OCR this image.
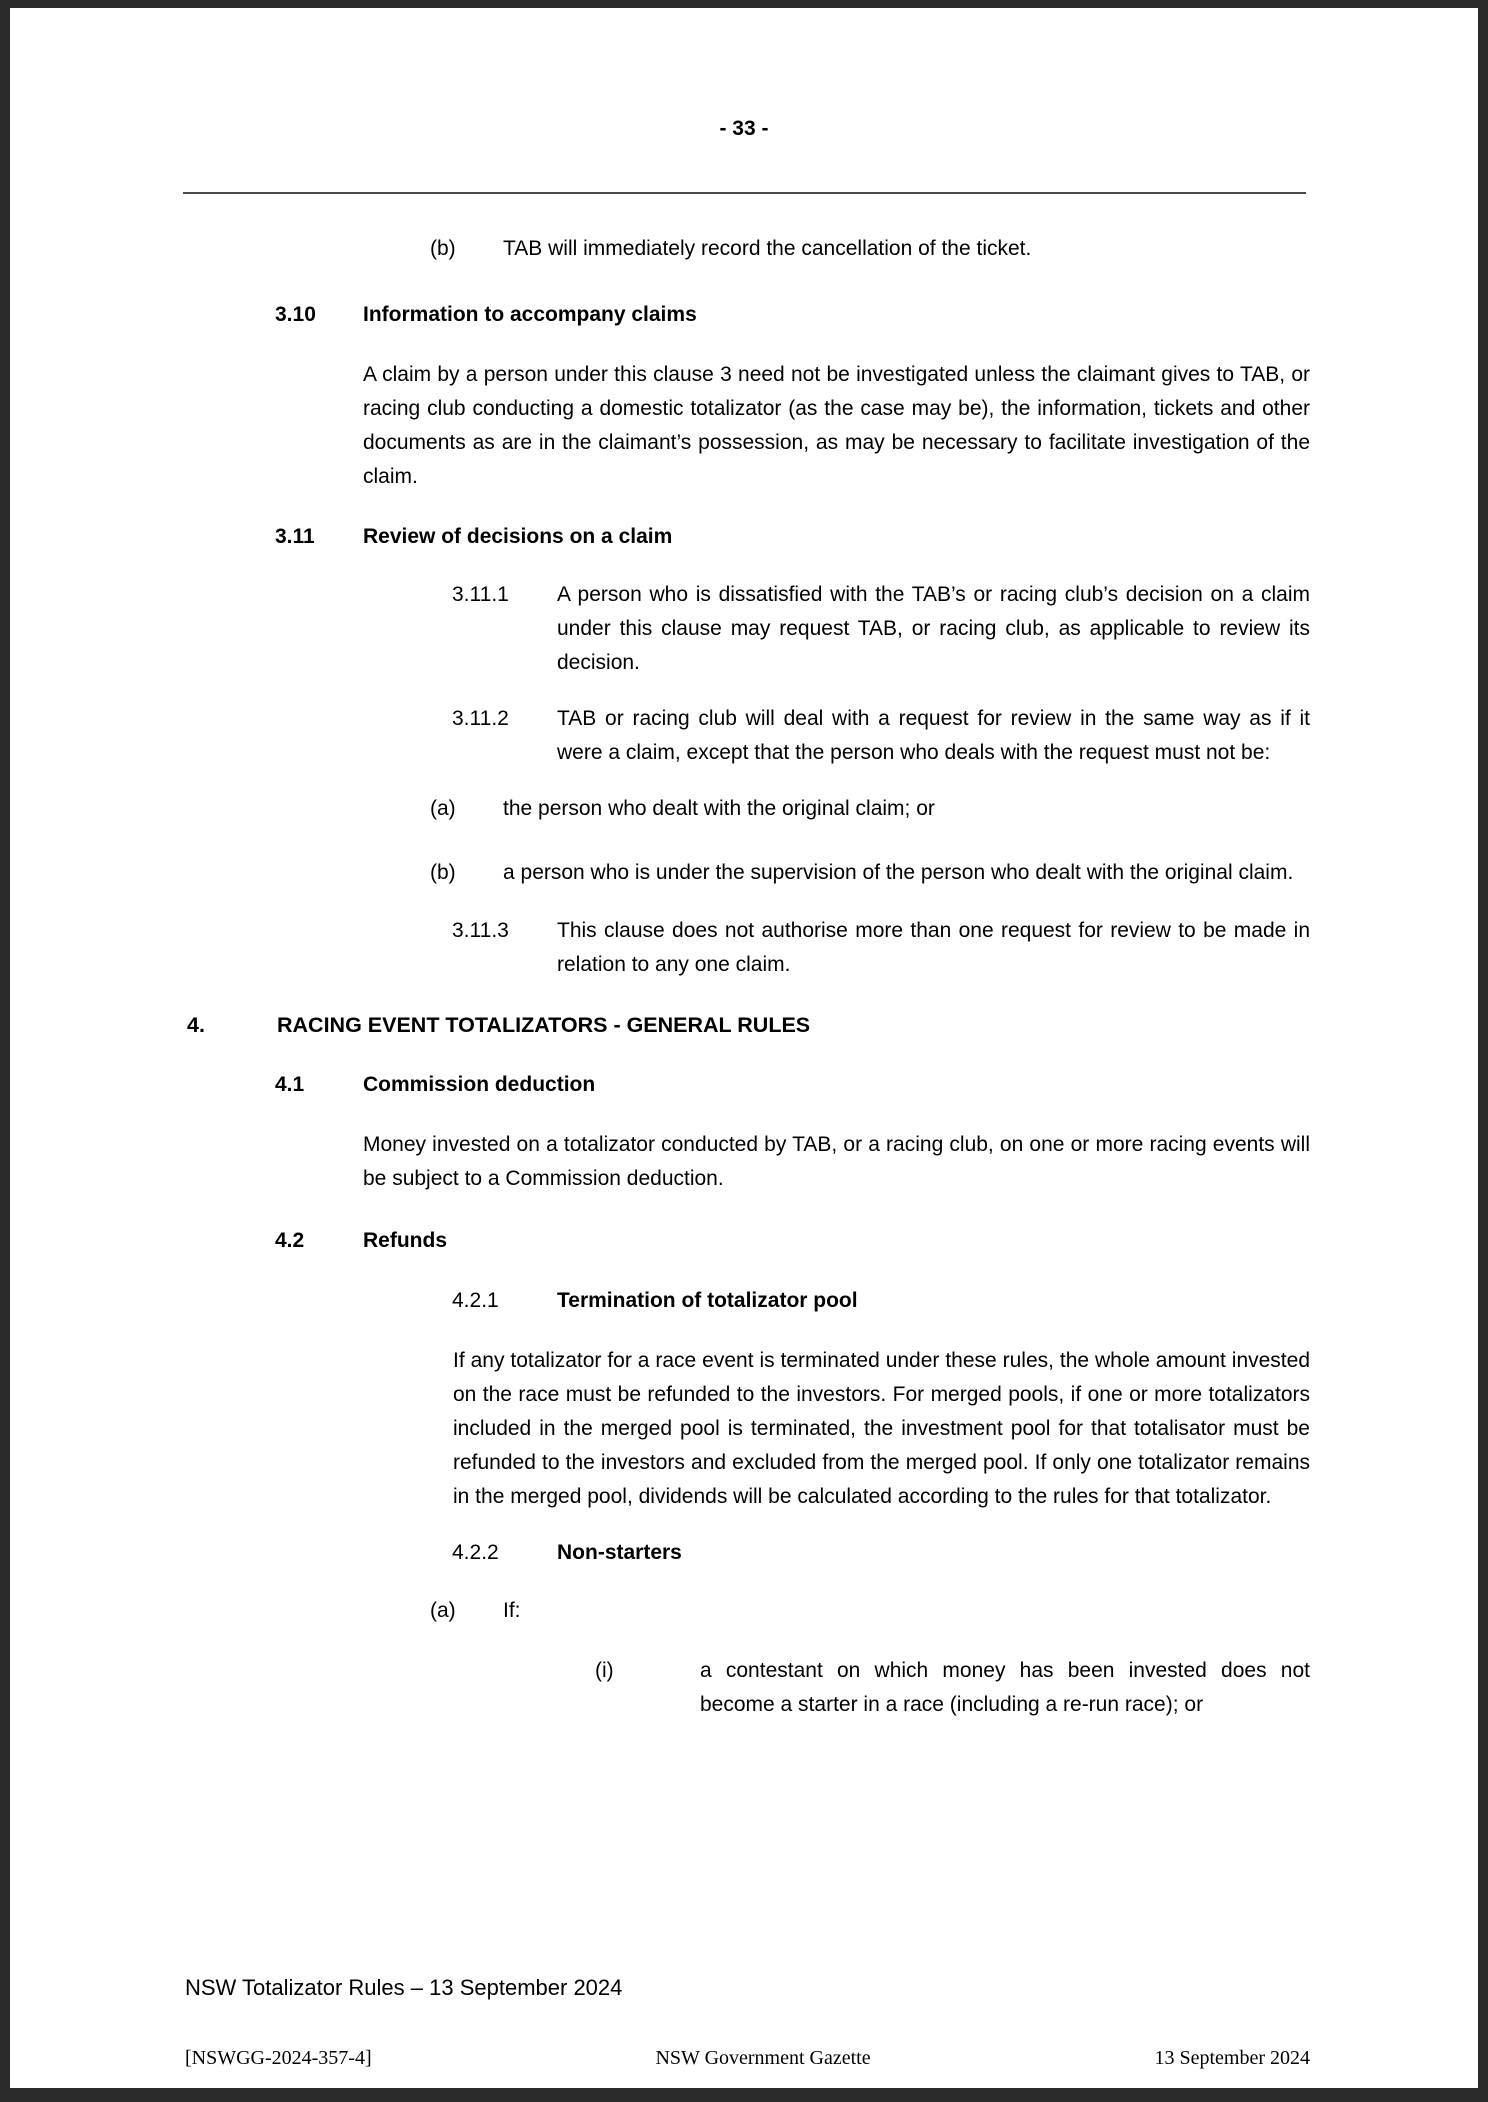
- 33 -
(b)	TAB will immediately record the cancellation of the ticket.
3.10	Information to accompany claims
A claim by a person under this clause 3 need not be investigated unless the claimant gives to TAB, or racing club conducting a domestic totalizator (as the case may be), the information, tickets and other documents as are in the claimant’s possession, as may be necessary to facilitate investigation of the claim.
3.11	Review of decisions on a claim
3.11.1	A person who is dissatisfied with the TAB’s or racing club’s decision on a claim under this clause may request TAB, or racing club, as applicable to review its decision.
3.11.2	TAB or racing club will deal with a request for review in the same way as if it were a claim, except that the person who deals with the request must not be:
(a)	the person who dealt with the original claim; or
(b)	a person who is under the supervision of the person who dealt with the original claim.
3.11.3	This clause does not authorise more than one request for review to be made in relation to any one claim.
4.	RACING EVENT TOTALIZATORS - GENERAL RULES
4.1	Commission deduction
Money invested on a totalizator conducted by TAB, or a racing club, on one or more racing events will be subject to a Commission deduction.
4.2	Refunds
4.2.1	Termination of totalizator pool
If any totalizator for a race event is terminated under these rules, the whole amount invested on the race must be refunded to the investors. For merged pools, if one or more totalizators included in the merged pool is terminated, the investment pool for that totalisator must be refunded to the investors and excluded from the merged pool. If only one totalizator remains in the merged pool, dividends will be calculated according to the rules for that totalizator.
4.2.2	Non-starters
(a)	If:
(i)	a contestant on which money has been invested does not become a starter in a race (including a re-run race); or
NSW Totalizator Rules – 13 September 2024
[NSWGG-2024-357-4]	NSW Government Gazette	13 September 2024
